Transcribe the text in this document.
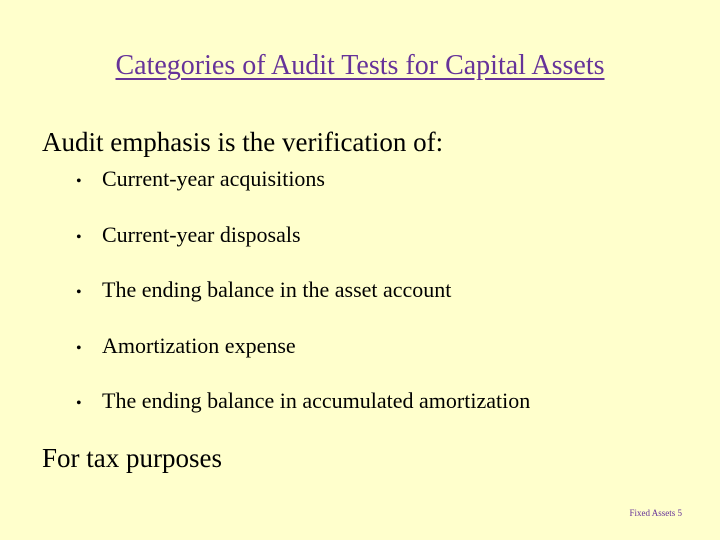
Categories of Audit Tests for Capital Assets
Audit emphasis is the verification of:
• Current-year acquisitions
• Current-year disposals
• The ending balance in the asset account
• Amortization expense
• The ending balance in accumulated amortization
For tax purposes
Fixed Assets 5
